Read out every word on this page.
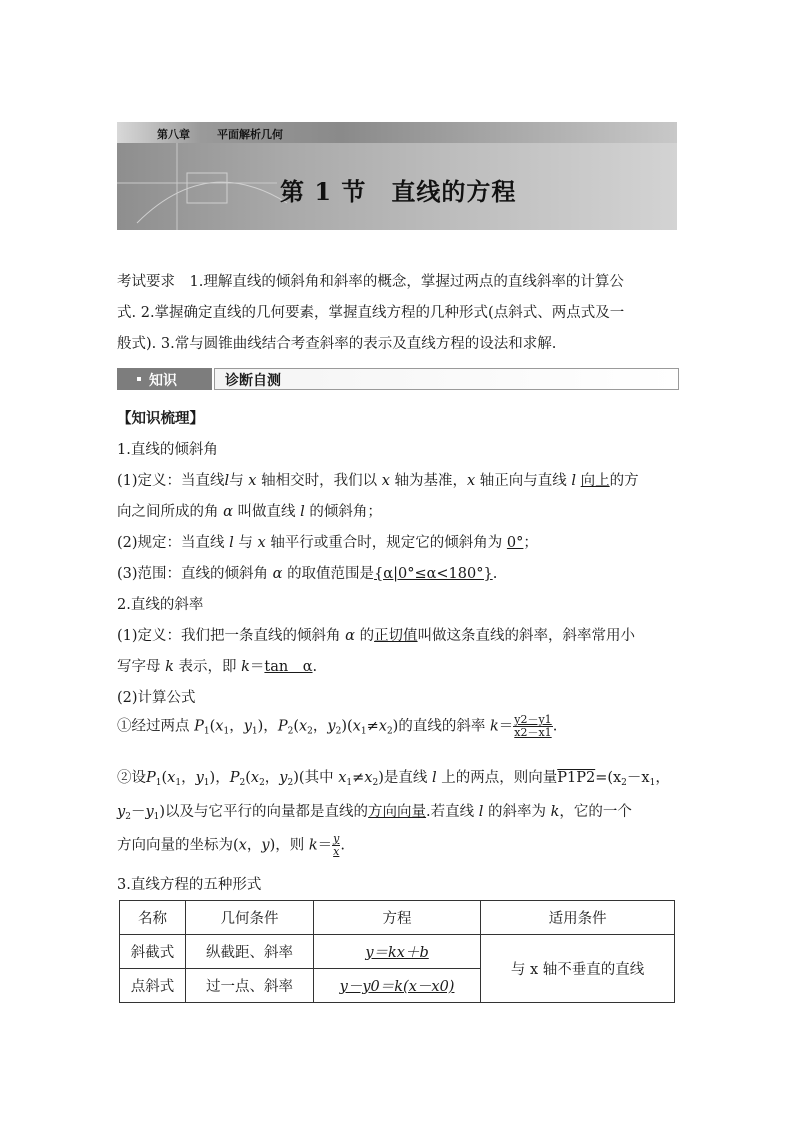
第八章 平面解析几何
第 1 节　直线的方程
考试要求　 1.理解直线的倾斜角和斜率的概念，掌握过两点的直线斜率的计算公
式. 2.掌握确定直线的几何要素，掌握直线方程的几种形式(点斜式、两点式及一
般式). 3.常与圆锥曲线结合考查斜率的表示及直线方程的设法和求解.
知识	诊断自测
【知识梳理】
1.直线的倾斜角
(1)定义：当直线l与 x 轴相交时，我们以 x 轴为基准，x 轴正向与直线 l 向上的方
向之间所成的角 α 叫做直线 l 的倾斜角；
(2)规定：当直线 l 与 x 轴平行或重合时，规定它的倾斜角为 0°；
(3)范围：直线的倾斜角 α 的取值范围是{α|0°≤α<180°}.
2.直线的斜率
(1)定义：我们把一条直线的倾斜角 α 的正切值叫做这条直线的斜率，斜率常用小
写字母 k 表示，即 k＝tan　α.
(2)计算公式
①经过两点 $P_1(x_1$，$y_1$)，$P_2(x_2$，$y_2)(x_1\ne x_2)$的直线的斜率 $k= \frac{y2-y1}{x2-x1}$ .
②设$P_1(x_1$，$y_1$)，$P_2(x_2$，$y_2$)(其中 $x_1\ne x_2$)是直线 l 上的两点，则向量$P1P2=(x_2-x_1$，
$y_2-y_1$)以及与它平行的向量都是直线的方向向量.若直线 l 的斜率为 k，它的一个
方向向量的坐标为(x，y)，则 $k= \frac{y}{x}$ .
3.直线方程的五种形式
名称	几何条件	方程	适用条件
斜截式	纵截距、斜率	y＝kx＋b	与 x 轴不垂直的直线
点斜式	过一点、斜率	y－y0＝k(x－x0)	
